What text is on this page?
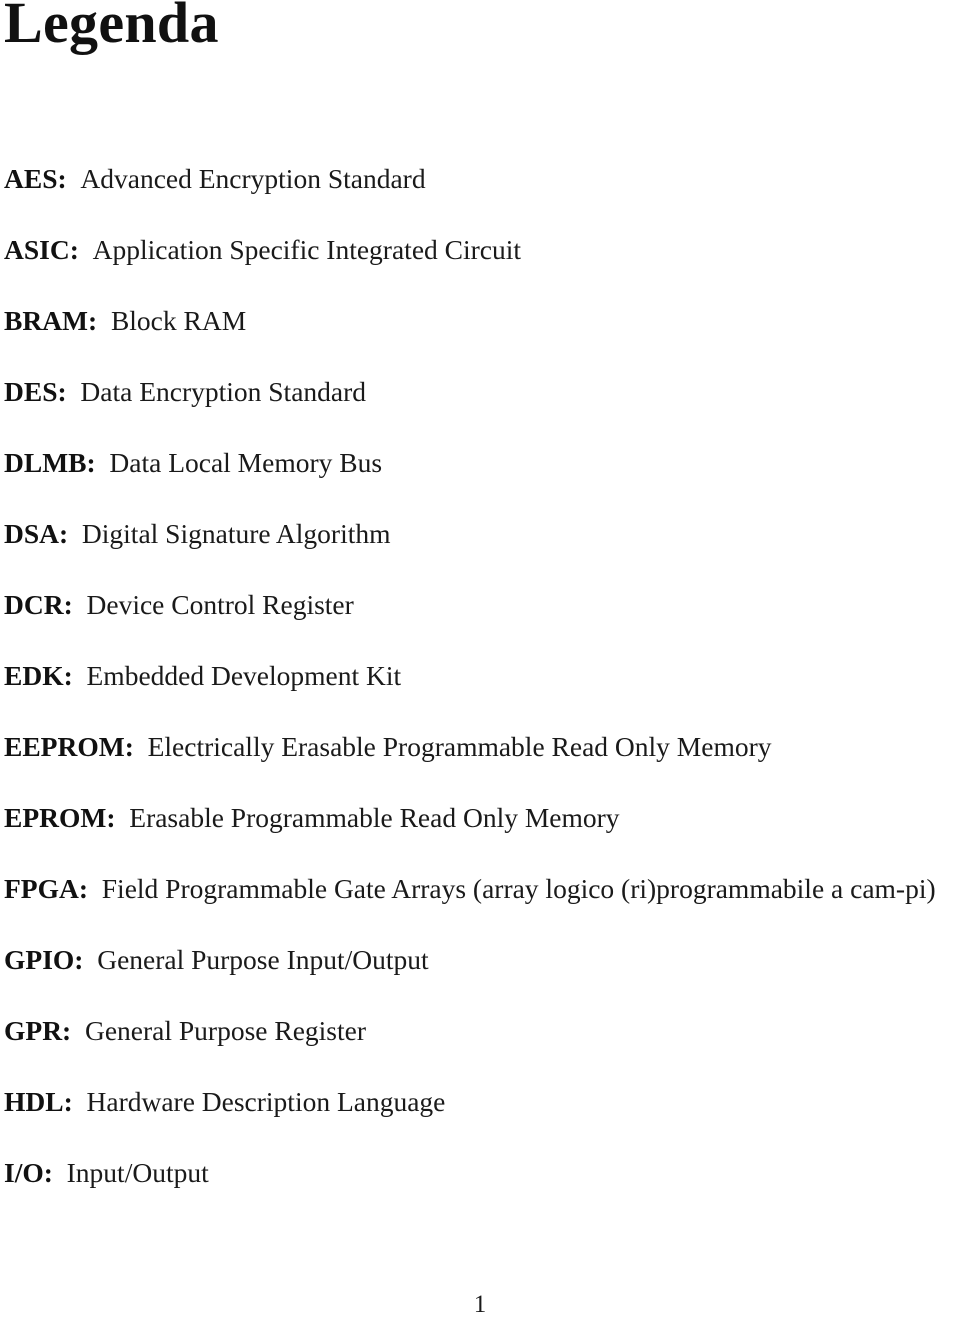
Legenda

AES: Advanced Encryption Standard

ASIC: Application Specific Integrated Circuit

BRAM: Block RAM

DES: Data Encryption Standard

DLMB: Data Local Memory Bus

DSA: Digital Signature Algorithm

DCR: Device Control Register

EDK: Embedded Development Kit

EEPROM: Electrically Erasable Programmable Read Only Memory

EPROM: Erasable Programmable Read Only Memory

FPGA: Field Programmable Gate Arrays (array logico (ri)programmabile a cam-pi)

GPIO: General Purpose Input/Output

GPR: General Purpose Register

HDL: Hardware Description Language

I/O: Input/Output

1
